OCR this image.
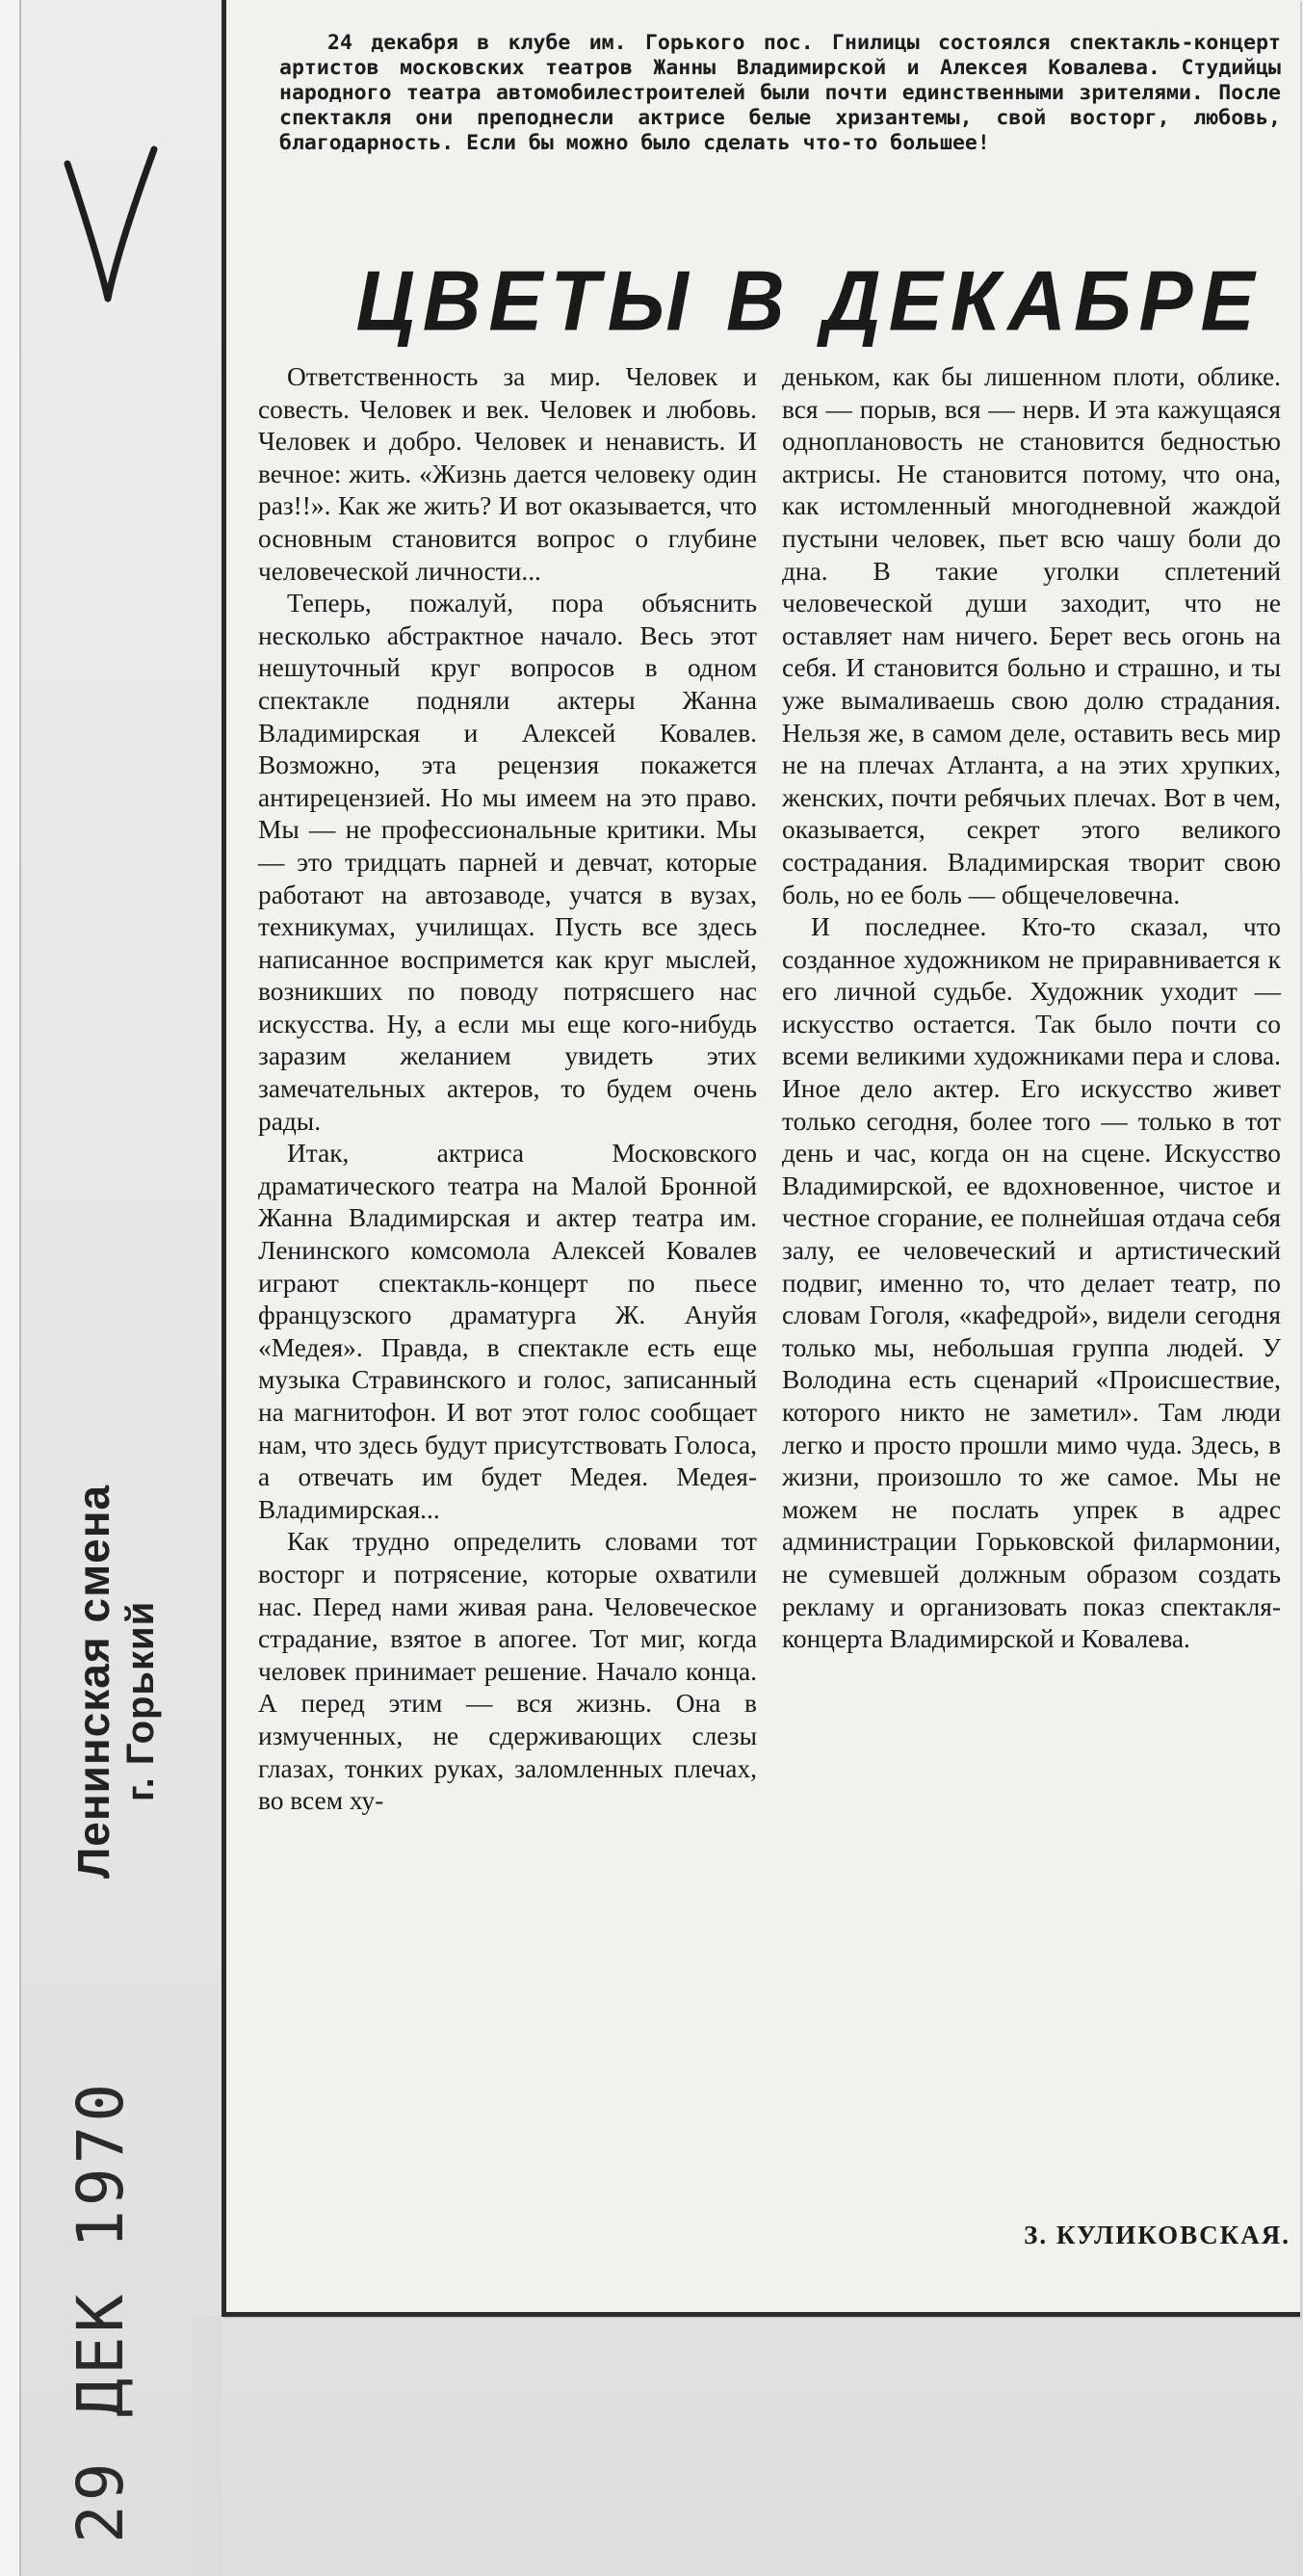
24 декабря в клубе им. Горького пос. Гнилицы состоялся спектакль-концерт артистов московских театров Жанны Владимирской и Алексея Ковалева. Студийцы народного театра автомобилестроителей были почти единственными зрителями. После спектакля они преподнесли актрисе белые хризантемы, свой восторг, любовь, благодарность. Если бы можно было сделать что-то большее!
ЦВЕТЫ В ДЕКАБРЕ

Ответственность за мир. Человек и совесть. Человек и век. Человек и любовь. Человек и добро. Человек и ненависть. И вечное: жить. «Жизнь дается человеку один раз!!». Как же жить? И вот оказывается, что основным становится вопрос о глубине человеческой личности...

Теперь, пожалуй, пора объяснить несколько абстрактное начало. Весь этот нешуточный круг вопросов в одном спектакле подняли актеры Жанна Владимирская и Алексей Ковалев. Возможно, эта рецензия покажется антирецензией. Но мы имеем на это право. Мы — не профессиональные критики. Мы — это тридцать парней и девчат, которые работают на автозаводе, учатся в вузах, техникумах, училищах. Пусть все здесь написанное воспримется как круг мыслей, возникших по поводу потрясшего нас искусства. Ну, а если мы еще кого-нибудь заразим желанием увидеть этих замечательных актеров, то будем очень рады.

Итак, актриса Московского драматического театра на Малой Бронной Жанна Владимирская и актер театра им. Ленинского комсомола Алексей Ковалев играют спектакль-концерт по пьесе французского драматурга Ж. Ануйя «Медея». Правда, в спектакле есть еще музыка Стравинского и голос, записанный на магнитофон. И вот этот голос сообщает нам, что здесь будут присутствовать Голоса, а отвечать им будет Медея. Медея-Владимирская...

Как трудно определить словами тот восторг и потрясение, которые охватили нас. Перед нами живая рана. Человеческое страдание, взятое в апогее. Тот миг, когда человек принимает решение. Начало конца. А перед этим — вся жизнь. Она в измученных, не сдерживающих слезы глазах, тонких руках, заломленных плечах, во всем ху-

деньком, как бы лишенном плоти, облике. вся — порыв, вся — нерв. И эта кажущаяся одноплановость не становится бедностью актрисы. Не становится потому, что она, как истомленный многодневной жаждой пустыни человек, пьет всю чашу боли до дна. В такие уголки сплетений человеческой души заходит, что не оставляет нам ничего. Берет весь огонь на себя. И становится больно и страшно, и ты уже вымаливаешь свою долю страдания. Нельзя же, в самом деле, оставить весь мир не на плечах Атланта, а на этих хрупких, женских, почти ребячьих плечах. Вот в чем, оказывается, секрет этого великого сострадания. Владимирская творит свою боль, но ее боль — общечеловечна.

И последнее. Кто-то сказал, что созданное художником не приравнивается к его личной судьбе. Художник уходит — искусство остается. Так было почти со всеми великими художниками пера и слова. Иное дело актер. Его искусство живет только сегодня, более того — только в тот день и час, когда он на сцене. Искусство Владимирской, ее вдохновенное, чистое и честное сгорание, ее полнейшая отдача себя залу, ее человеческий и артистический подвиг, именно то, что делает театр, по словам Гоголя, «кафедрой», видели сегодня только мы, небольшая группа людей. У Володина есть сценарий «Происшествие, которого никто не заметил». Там люди легко и просто прошли мимо чуда. Здесь, в жизни, произошло то же самое. Мы не можем не послать упрек в адрес администрации Горьковской филармонии, не сумевшей должным образом создать рекламу и организовать показ спектакля-концерта Владимирской и Ковалева.

З. КУЛИКОВСКАЯ.
Ленинская смена г. Горький
29 ДЕК 1970
